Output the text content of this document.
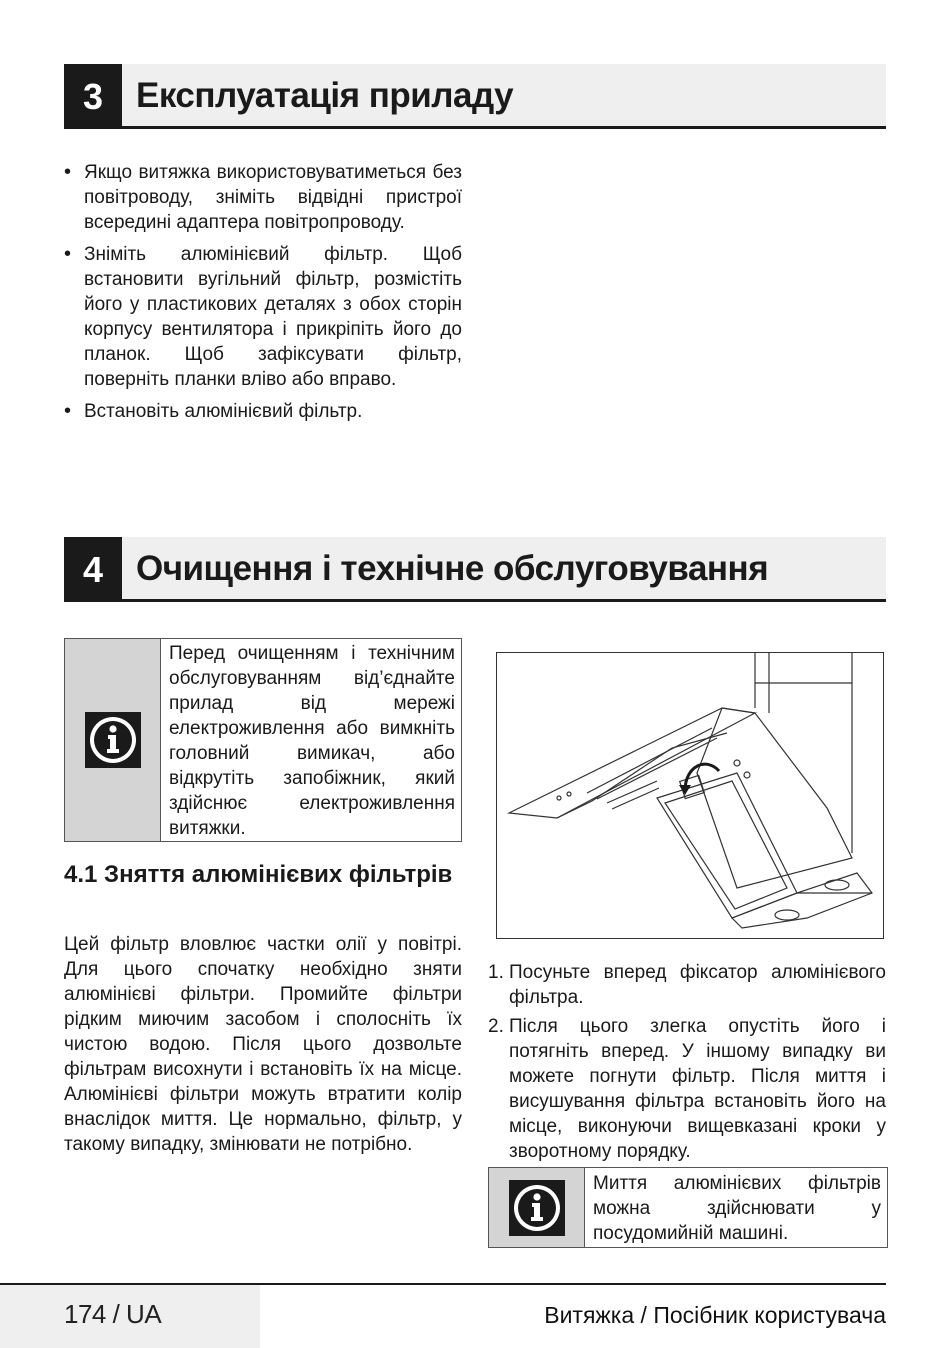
3 Експлуатація приладу
• Якщо витяжка використовуватиметься без повітроводу, зніміть відвідні пристрої всередині адаптера повітропроводу.
• Зніміть алюмінієвий фільтр. Щоб встановити вугільний фільтр, розмістіть його у пластикових деталях з обох сторін корпусу вентилятора і прикріпіть його до планок. Щоб зафіксувати фільтр, поверніть планки вліво або вправо.
• Встановіть алюмінієвий фільтр.
4 Очищення і технічне обслуговування
Перед очищенням і технічним обслуговуванням від’єднайте прилад від мережі електроживлення або вимкніть головний вимикач, або відкрутіть запобіжник, який здійснює електроживлення витяжки.
4.1 Зняття алюмінієвих фільтрів

Цей фільтр вловлює частки олії у повітрі. Для цього спочатку необхідно зняти алюмінієві фільтри. Промийте фільтри рідким миючим засобом і сполосніть їх чистою водою. Після цього дозвольте фільтрам висохнути і встановіть їх на місце. Алюмінієві фільтри можуть втратити колір внаслідок миття. Це нормально, фільтр, у такому випадку, змінювати не потрібно.

1. Посуньте вперед фіксатор алюмінієвого фільтра.
2. Після цього злегка опустіть його і потягніть вперед. У іншому випадку ви можете погнути фільтр. Після миття і висушування фільтра встановіть його на місце, виконуючи вищевказані кроки у зворотному порядку.
Миття алюмінієвих фільтрів можна здійснювати у посудомийній машині.
174 / UA	Витяжка / Посібник користувача
